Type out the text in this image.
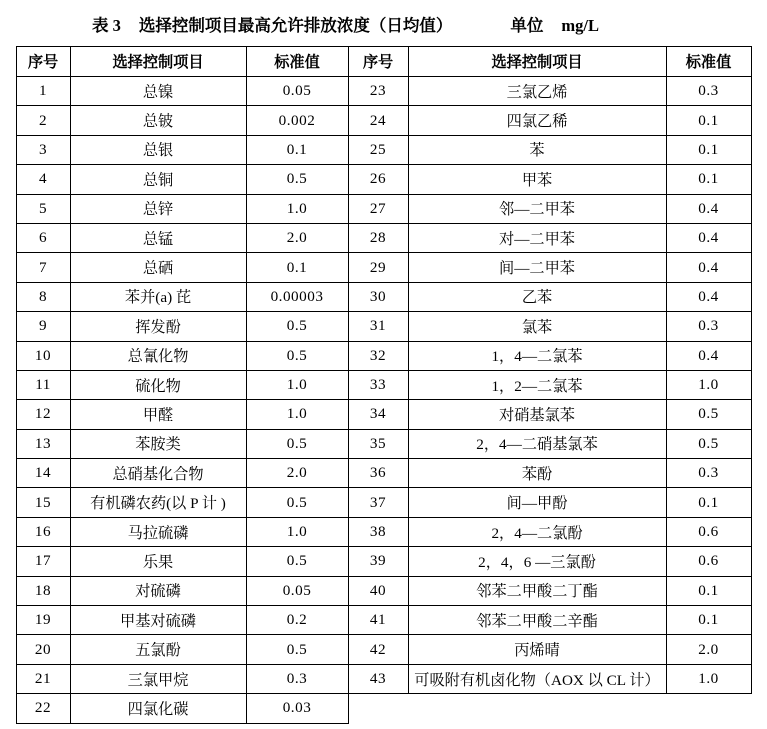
表 3 选择控制项目最高允许排放浓度（日均值）	单位 mg/L
序号	选择控制项目	标准值	序号	选择控制项目	标准值
1	总镍	0.05	23	三氯乙烯	0.3
2	总铍	0.002	24	四氯乙稀	0.1
3	总银	0.1	25	苯	0.1
4	总铜	0.5	26	甲苯	0.1
5	总锌	1.0	27	邻—二甲苯	0.4
6	总锰	2.0	28	对—二甲苯	0.4
7	总硒	0.1	29	间—二甲苯	0.4
8	苯并(a) 芘	0.00003	30	乙苯	0.4
9	挥发酚	0.5	31	氯苯	0.3
10	总氰化物	0.5	32	1，4—二氯苯	0.4
11	硫化物	1.0	33	1，2—二氯苯	1.0
12	甲醛	1.0	34	对硝基氯苯	0.5
13	苯胺类	0.5	35	2，4—二硝基氯苯	0.5
14	总硝基化合物	2.0	36	苯酚	0.3
15	有机磷农药(以 P 计 )	0.5	37	间—甲酚	0.1
16	马拉硫磷	1.0	38	2，4—二氯酚	0.6
17	乐果	0.5	39	2，4，6 —三氯酚	0.6
18	对硫磷	0.05	40	邻苯二甲酸二丁酯	0.1
19	甲基对硫磷	0.2	41	邻苯二甲酸二辛酯	0.1
20	五氯酚	0.5	42	丙烯晴	2.0
21	三氯甲烷	0.3	43	可吸附有机卤化物（AOX 以 CL 计）	1.0
22	四氯化碳	0.03			
